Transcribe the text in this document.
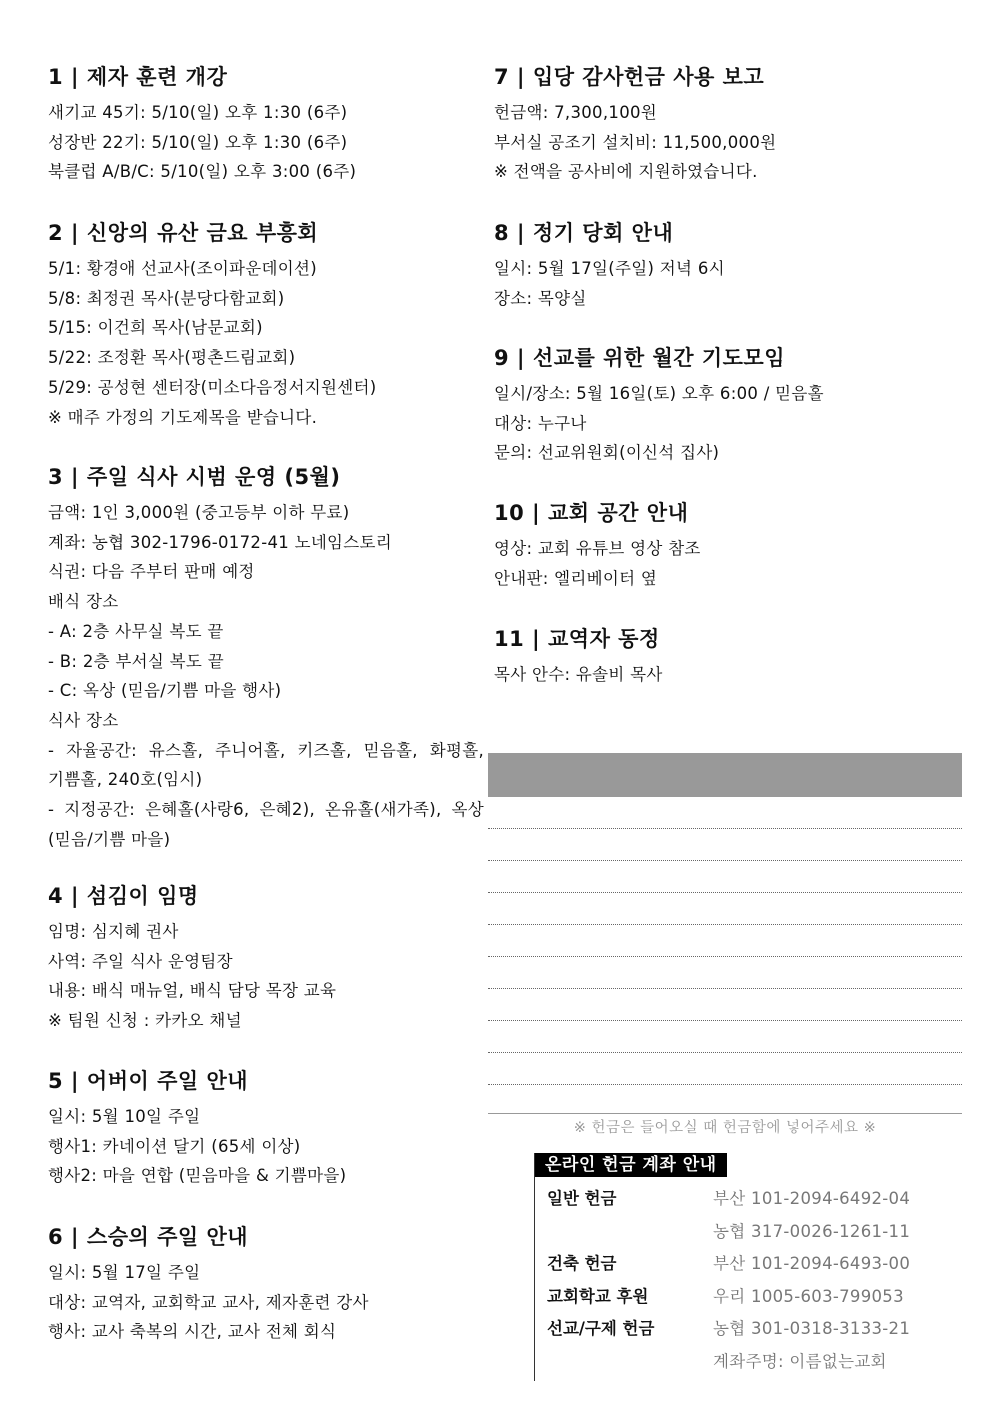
1 | 제자 훈련 개강
새기교 45기: 5/10(일) 오후 1:30 (6주)
성장반 22기: 5/10(일) 오후 1:30 (6주)
북클럽 A/B/C: 5/10(일) 오후 3:00 (6주)
2 | 신앙의 유산 금요 부흥회
5/1: 황경애 선교사(조이파운데이션)
5/8: 최정권 목사(분당다함교회)
5/15: 이건희 목사(남문교회)
5/22: 조정환 목사(평촌드림교회)
5/29: 공성현 센터장(미소다음정서지원센터)
※ 매주 가정의 기도제목을 받습니다.
3 | 주일 식사 시범 운영 (5월)
금액: 1인 3,000원 (중고등부 이하 무료)
계좌: 농협 302-1796-0172-41 노네임스토리
식권: 다음 주부터 판매 예정
배식 장소
- A: 2층 사무실 복도 끝
- B: 2층 부서실 복도 끝
- C: 옥상 (믿음/기쁨 마을 행사)
식사 장소
- 자율공간: 유스홀, 주니어홀, 키즈홀, 믿음홀, 화평홀, 기쁨홀, 240호(임시)
- 지정공간: 은혜홀(사랑6, 은혜2), 온유홀(새가족), 옥상(믿음/기쁨 마을)
4 | 섬김이 임명
임명: 심지혜 권사
사역: 주일 식사 운영팀장
내용: 배식 매뉴얼, 배식 담당 목장 교육
※ 팀원 신청 : 카카오 채널
5 | 어버이 주일 안내
일시: 5월 10일 주일
행사1: 카네이션 달기 (65세 이상)
행사2: 마을 연합 (믿음마을 & 기쁨마을)
6 | 스승의 주일 안내
일시: 5월 17일 주일
대상: 교역자, 교회학교 교사, 제자훈련 강사
행사: 교사 축복의 시간, 교사 전체 회식
7 | 입당 감사헌금 사용 보고
헌금액: 7,300,100원
부서실 공조기 설치비: 11,500,000원
※ 전액을 공사비에 지원하였습니다.
8 | 정기 당회 안내
일시: 5월 17일(주일) 저녁 6시
장소: 목양실
9 | 선교를 위한 월간 기도모임
일시/장소: 5월 16일(토) 오후 6:00 / 믿음홀
대상: 누구나
문의: 선교위원회(이신석 집사)
10 | 교회 공간 안내
영상: 교회 유튜브 영상 참조
안내판: 엘리베이터 옆
11 | 교역자 동정
목사 안수: 유솔비 목사
※ 헌금은 들어오실 때 헌금함에 넣어주세요 ※
온라인 헌금 계좌 안내
일반 헌금	부산 101-2094-6492-04
농협 317-0026-1261-11
건축 헌금	부산 101-2094-6493-00
교회학교 후원	우리 1005-603-799053
선교/구제 헌금	농협 301-0318-3133-21
계좌주명: 이름없는교회
